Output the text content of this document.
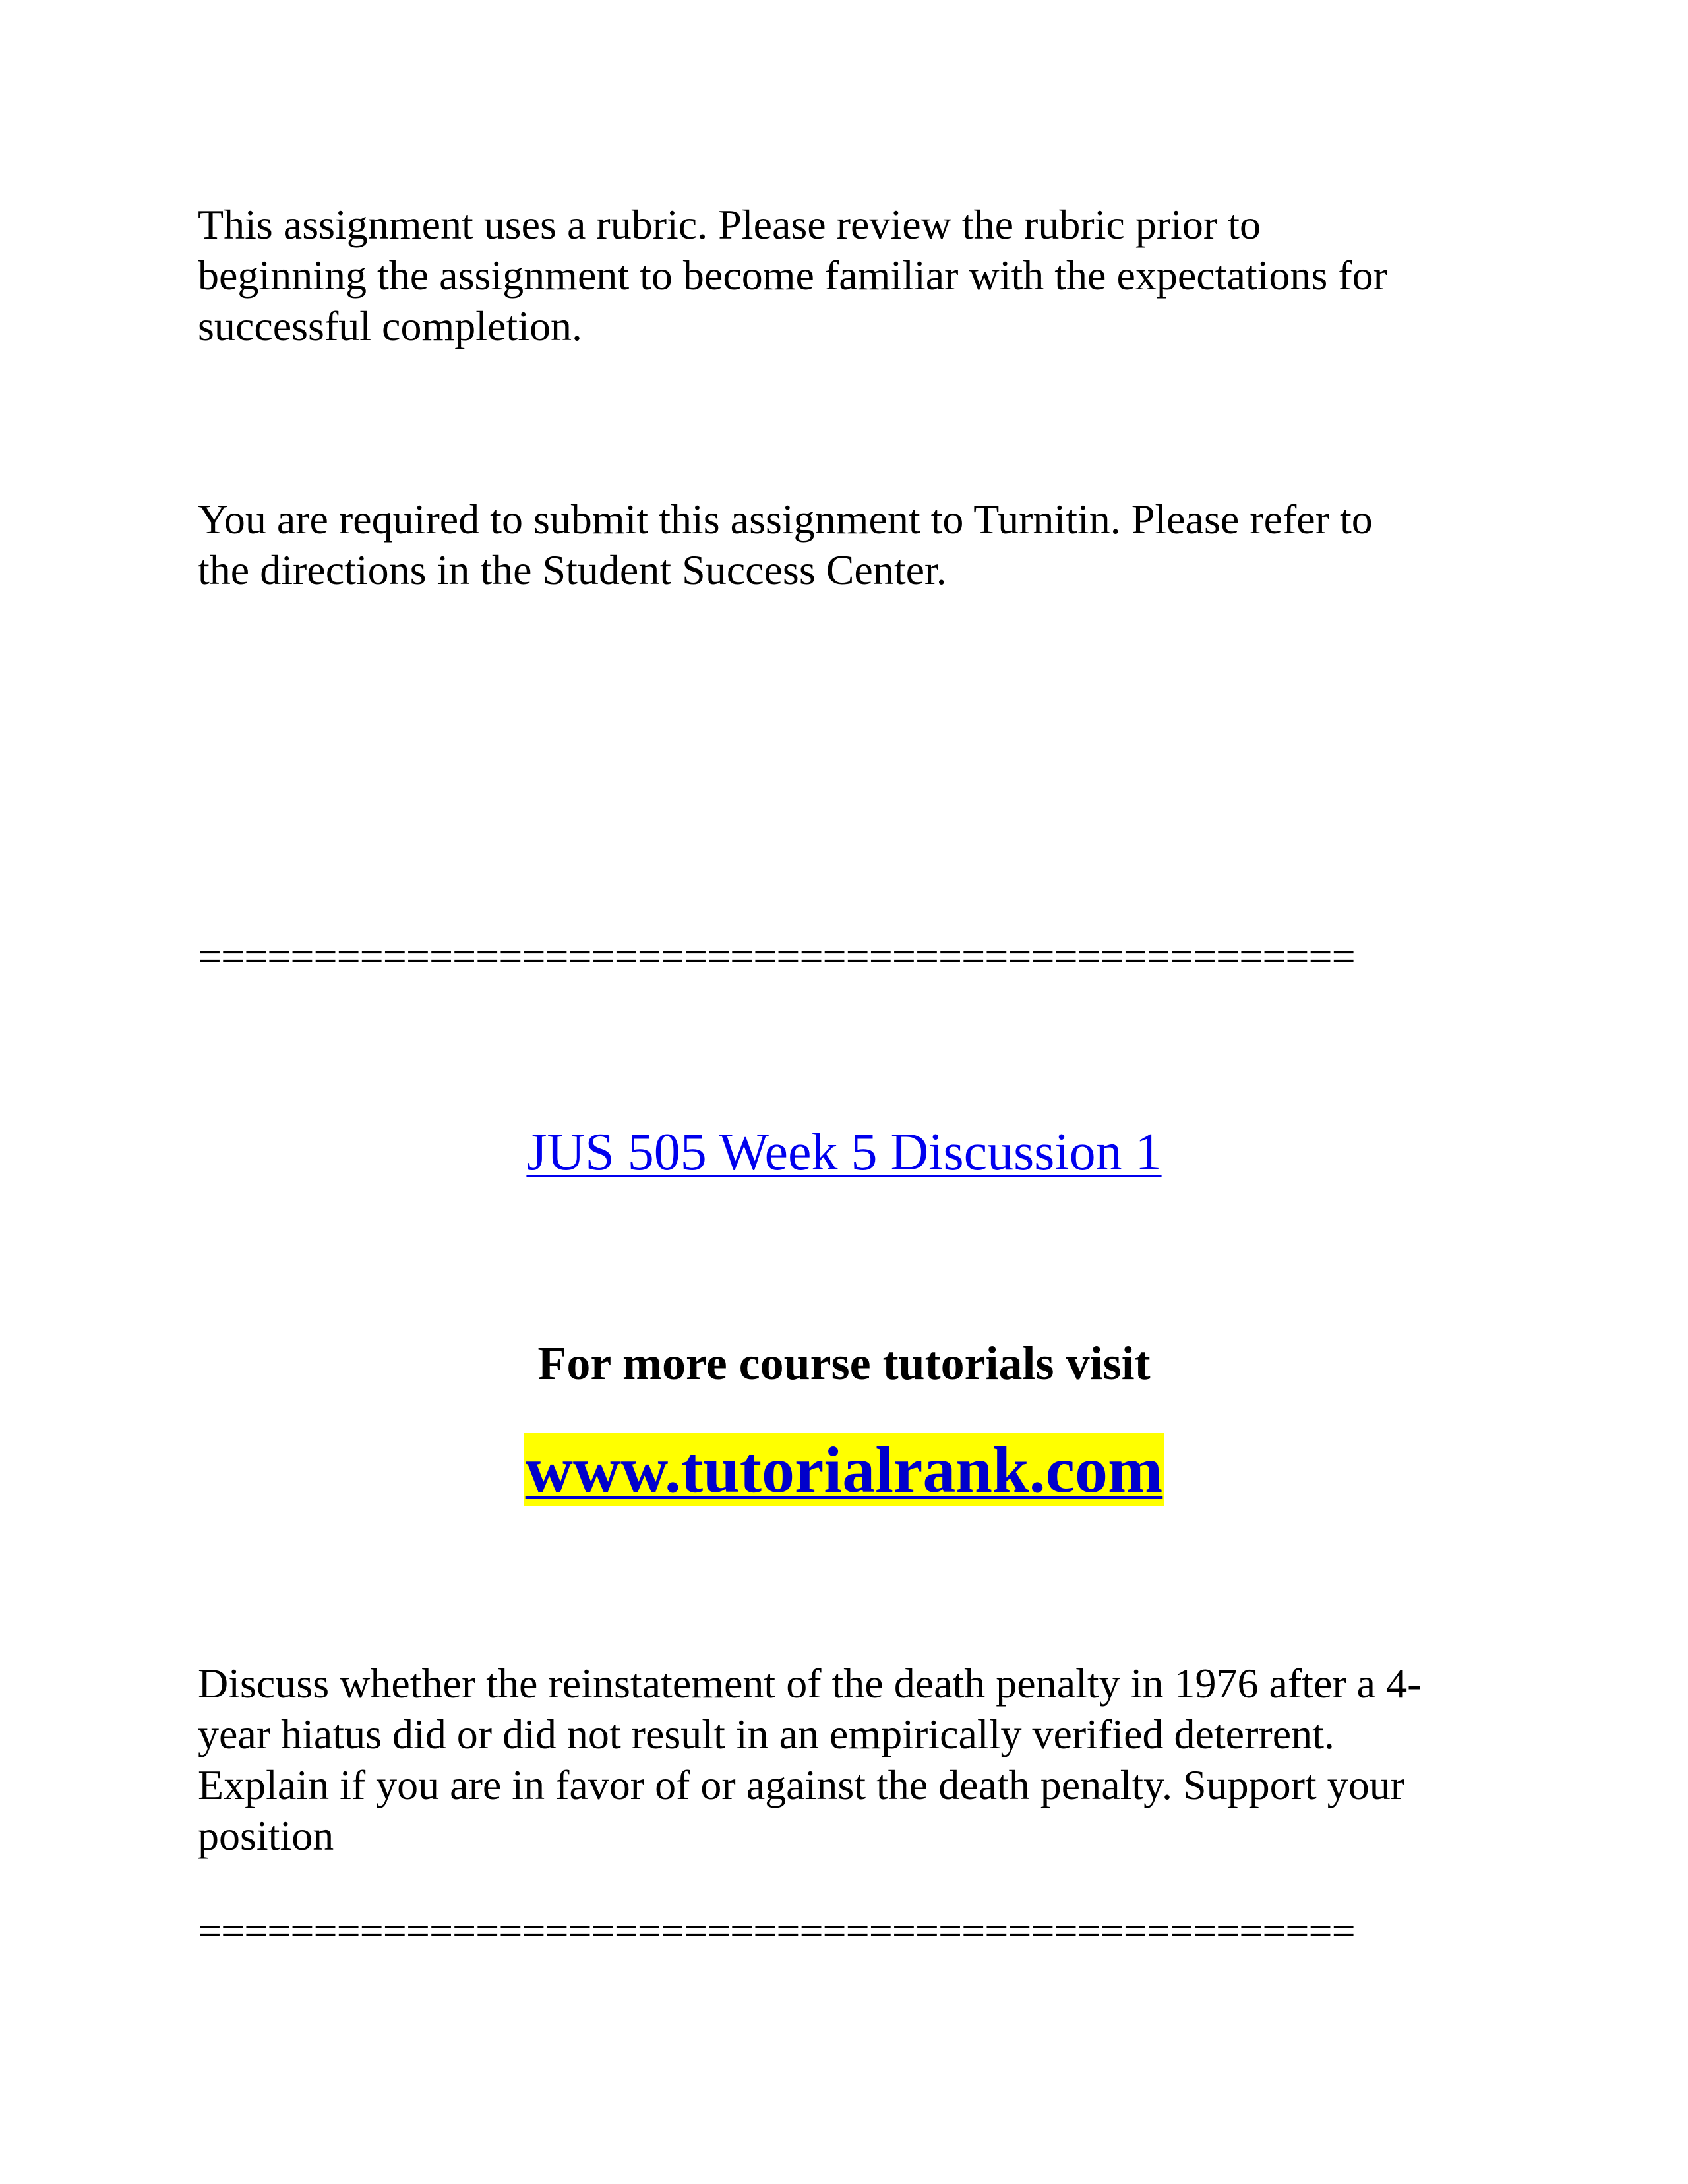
This assignment uses a rubric. Please review the rubric prior to
beginning the assignment to become familiar with the expectations for
successful completion.

You are required to submit this assignment to Turnitin. Please refer to
the directions in the Student Success Center.

==================================================

JUS 505 Week 5 Discussion 1

For more course tutorials visit

www.tutorialrank.com

Discuss whether the reinstatement of the death penalty in 1976 after a 4-
year hiatus did or did not result in an empirically verified deterrent.
Explain if you are in favor of or against the death penalty. Support your
position

==================================================
